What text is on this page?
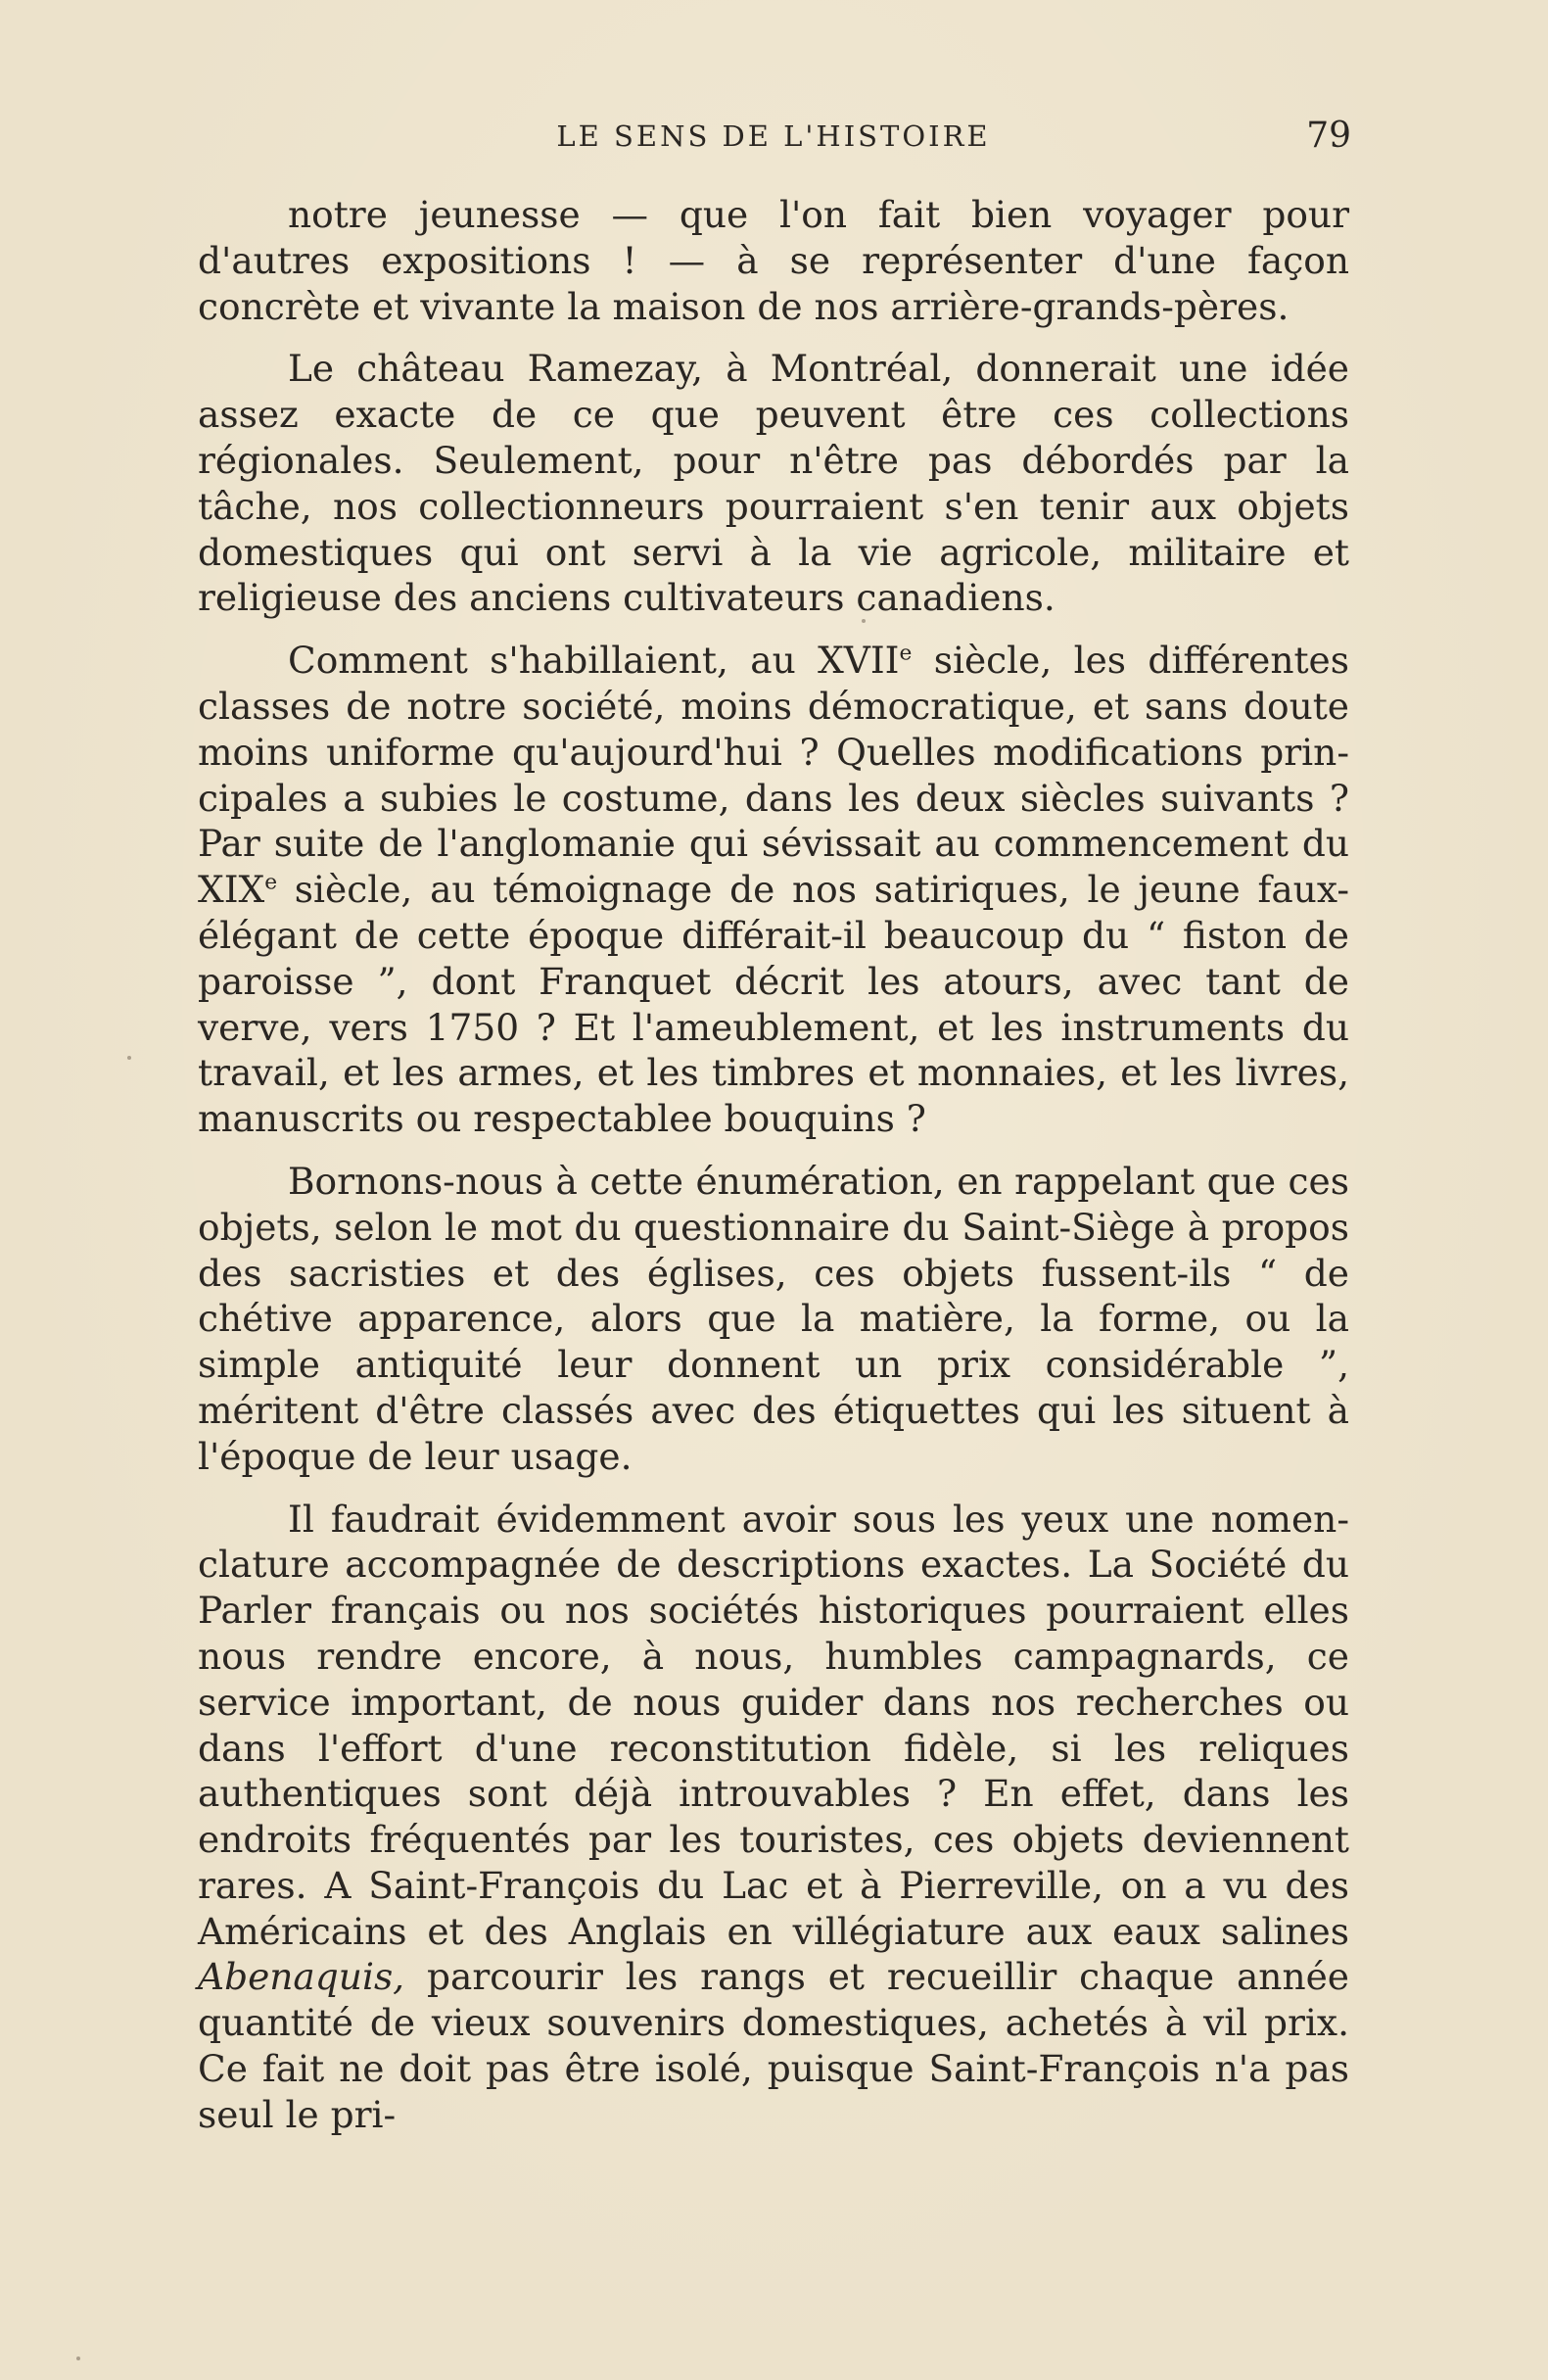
LE SENS DE L'HISTOIRE	79

notre jeunesse — que l'on fait bien voyager pour d'autres expositions ! — à se représenter d'une façon concrète et vivante la maison de nos arrière-grands-pères.

Le château Ramezay, à Montréal, donnerait une idée assez exacte de ce que peuvent être ces collections régionales. Seulement, pour n'être pas débordés par la tâche, nos collectionneurs pourraient s'en tenir aux objets domestiques qui ont servi à la vie agricole, militaire et religieuse des anciens cultivateurs canadiens.

Comment s'habillaient, au XVIIe siècle, les différentes classes de notre société, moins démocratique, et sans doute moins uniforme qu'aujourd'hui ? Quelles modifications principales a subies le costume, dans les deux siècles suivants ? Par suite de l'anglomanie qui sévissait au commencement du XIXe siècle, au témoignage de nos satiriques, le jeune faux-élégant de cette époque différait-il beaucoup du “ fiston de paroisse ”, dont Franquet décrit les atours, avec tant de verve, vers 1750 ? Et l'ameublement, et les instruments du travail, et les armes, et les timbres et monnaies, et les livres, manuscrits ou respectablee bouquins ?

Bornons-nous à cette énumération, en rappelant que ces objets, selon le mot du questionnaire du Saint-Siège à propos des sacristies et des églises, ces objets fussent-ils “ de chétive apparence, alors que la matière, la forme, ou la simple antiquité leur donnent un prix considérable ”, méritent d'être classés avec des étiquettes qui les situent à l'époque de leur usage.

Il faudrait évidemment avoir sous les yeux une nomenclature accompagnée de descriptions exactes. La Société du Parler français ou nos sociétés historiques pourraient elles nous rendre encore, à nous, humbles campagnards, ce service important, de nous guider dans nos recherches ou dans l'effort d'une reconstitution fidèle, si les reliques authentiques sont déjà introuvables ? En effet, dans les endroits fréquentés par les touristes, ces objets deviennent rares. A Saint-François du Lac et à Pierreville, on a vu des Américains et des Anglais en villégiature aux eaux salines Abenaquis, parcourir les rangs et recueillir chaque année quantité de vieux souvenirs domestiques, achetés à vil prix. Ce fait ne doit pas être isolé, puisque Saint-François n'a pas seul le pri-
